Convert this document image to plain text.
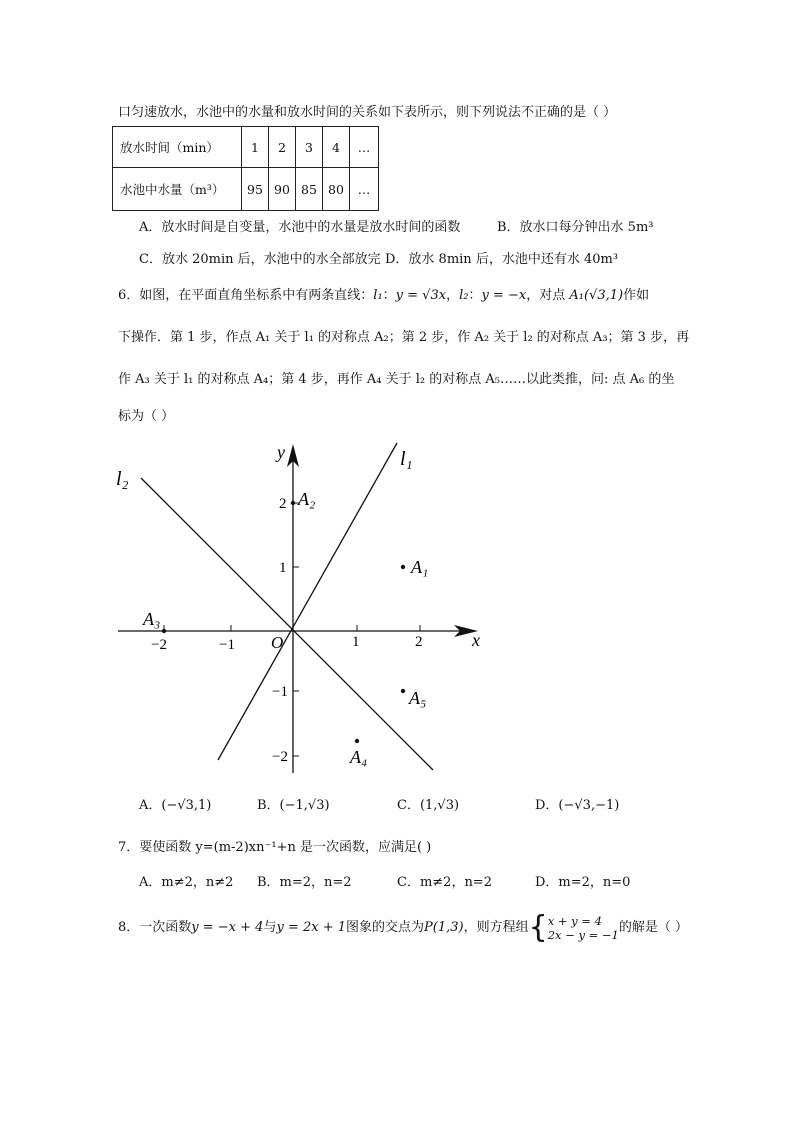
口匀速放水，水池中的水量和放水时间的关系如下表所示，则下列说法不正确的是（ ）
放水时间（min）	1	2	3	4	…
水池中水量（m³）	95	90	85	80	…
A．放水时间是自变量，水池中的水量是放水时间的函数	B．放水口每分钟出水 5m³
C．放水 20min 后，水池中的水全部放完 D．放水 8min 后，水池中还有水 40m³
6．如图，在平面直角坐标系中有两条直线：l₁：y = √3x，l₂：y = −x，对点 A₁(√3,1)作如
下操作．第 1 步，作点 A₁ 关于 l₁ 的对称点 A₂；第 2 步，作 A₂ 关于 l₂ 的对称点 A₃；第 3 步，再
作 A₃ 关于 l₁ 的对称点 A₄；第 4 步，再作 A₄ 关于 l₂ 的对称点 A₅……以此类推，问: 点 A₆ 的坐
标为（ ）
−2	−1	1	2
2
1
−1
−2
x
y
O
l₁
l₂
A₁
A₂
A₃
A₄
A₅
A．(−√3,1)	B．(−1,√3)	C．(1,√3)	D．(−√3,−1)
7．要使函数 y=(m-2)xn⁻¹+n 是一次函数，应满足( )
A．m≠2，n≠2 B．m=2，n=2	C．m≠2，n=2	D．m=2，n=0
8．一次函数y = −x + 4与y = 2x + 1图象的交点为P(1,3)，则方程组{x + y = 4
2x − y = −1的解是（ ）
